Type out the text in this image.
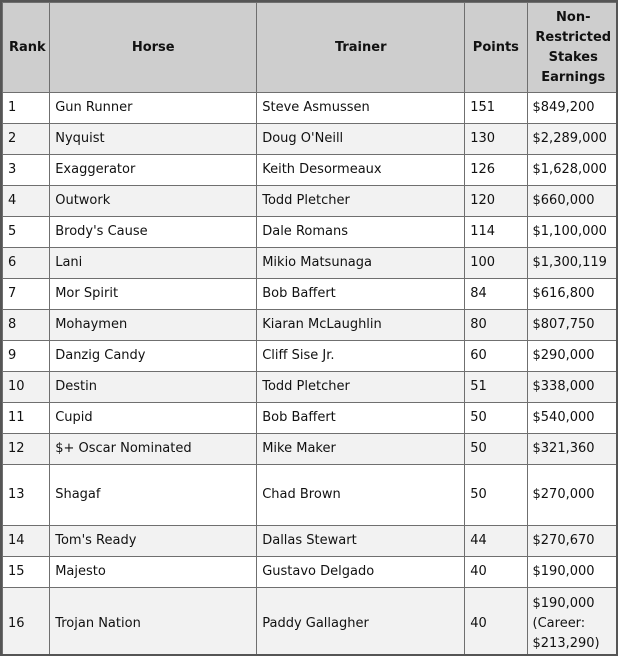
Rank	Horse	Trainer	Points	Non-Restricted Stakes Earnings
1	Gun Runner	Steve Asmussen	151	$849,200
2	Nyquist	Doug O'Neill	130	$2,289,000
3	Exaggerator	Keith Desormeaux	126	$1,628,000
4	Outwork	Todd Pletcher	120	$660,000
5	Brody's Cause	Dale Romans	114	$1,100,000
6	Lani	Mikio Matsunaga	100	$1,300,119
7	Mor Spirit	Bob Baffert	84	$616,800
8	Mohaymen	Kiaran McLaughlin	80	$807,750
9	Danzig Candy	Cliff Sise Jr.	60	$290,000
10	Destin	Todd Pletcher	51	$338,000
11	Cupid	Bob Baffert	50	$540,000
12	$+ Oscar Nominated	Mike Maker	50	$321,360
13	Shagaf	Chad Brown	50	$270,000
14	Tom's Ready	Dallas Stewart	44	$270,670
15	Majesto	Gustavo Delgado	40	$190,000
16	Trojan Nation	Paddy Gallagher	40	$190,000 (Career: $213,290)
